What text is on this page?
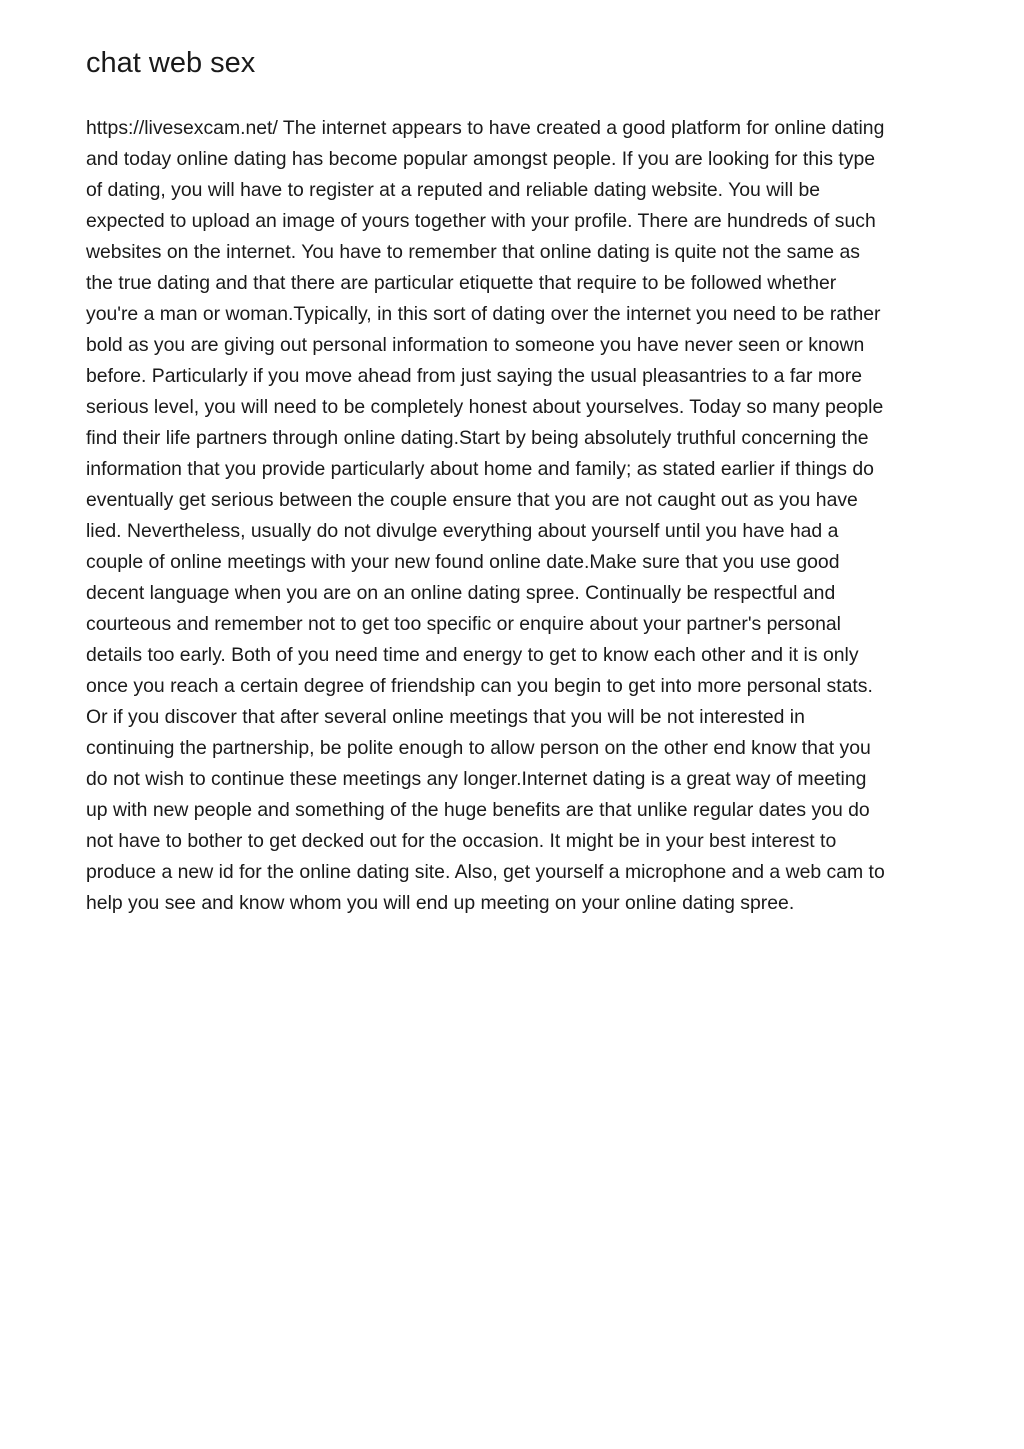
chat web sex
https://livesexcam.net/ The internet appears to have created a good platform for online dating
and today online dating has become popular amongst people. If you are looking for this type
of dating, you will have to register at a reputed and reliable dating website. You will be
expected to upload an image of yours together with your profile. There are hundreds of such
websites on the internet. You have to remember that online dating is quite not the same as
the true dating and that there are particular etiquette that require to be followed whether
you're a man or woman.Typically, in this sort of dating over the internet you need to be rather
bold as you are giving out personal information to someone you have never seen or known
before. Particularly if you move ahead from just saying the usual pleasantries to a far more
serious level, you will need to be completely honest about yourselves. Today so many people
find their life partners through online dating.Start by being absolutely truthful concerning the
information that you provide particularly about home and family; as stated earlier if things do
eventually get serious between the couple ensure that you are not caught out as you have
lied. Nevertheless, usually do not divulge everything about yourself until you have had a
couple of online meetings with your new found online date.Make sure that you use good
decent language when you are on an online dating spree. Continually be respectful and
courteous and remember not to get too specific or enquire about your partner's personal
details too early. Both of you need time and energy to get to know each other and it is only
once you reach a certain degree of friendship can you begin to get into more personal stats.
Or if you discover that after several online meetings that you will be not interested in
continuing the partnership, be polite enough to allow person on the other end know that you
do not wish to continue these meetings any longer.Internet dating is a great way of meeting
up with new people and something of the huge benefits are that unlike regular dates you do
not have to bother to get decked out for the occasion. It might be in your best interest to
produce a new id for the online dating site. Also, get yourself a microphone and a web cam to
help you see and know whom you will end up meeting on your online dating spree.
